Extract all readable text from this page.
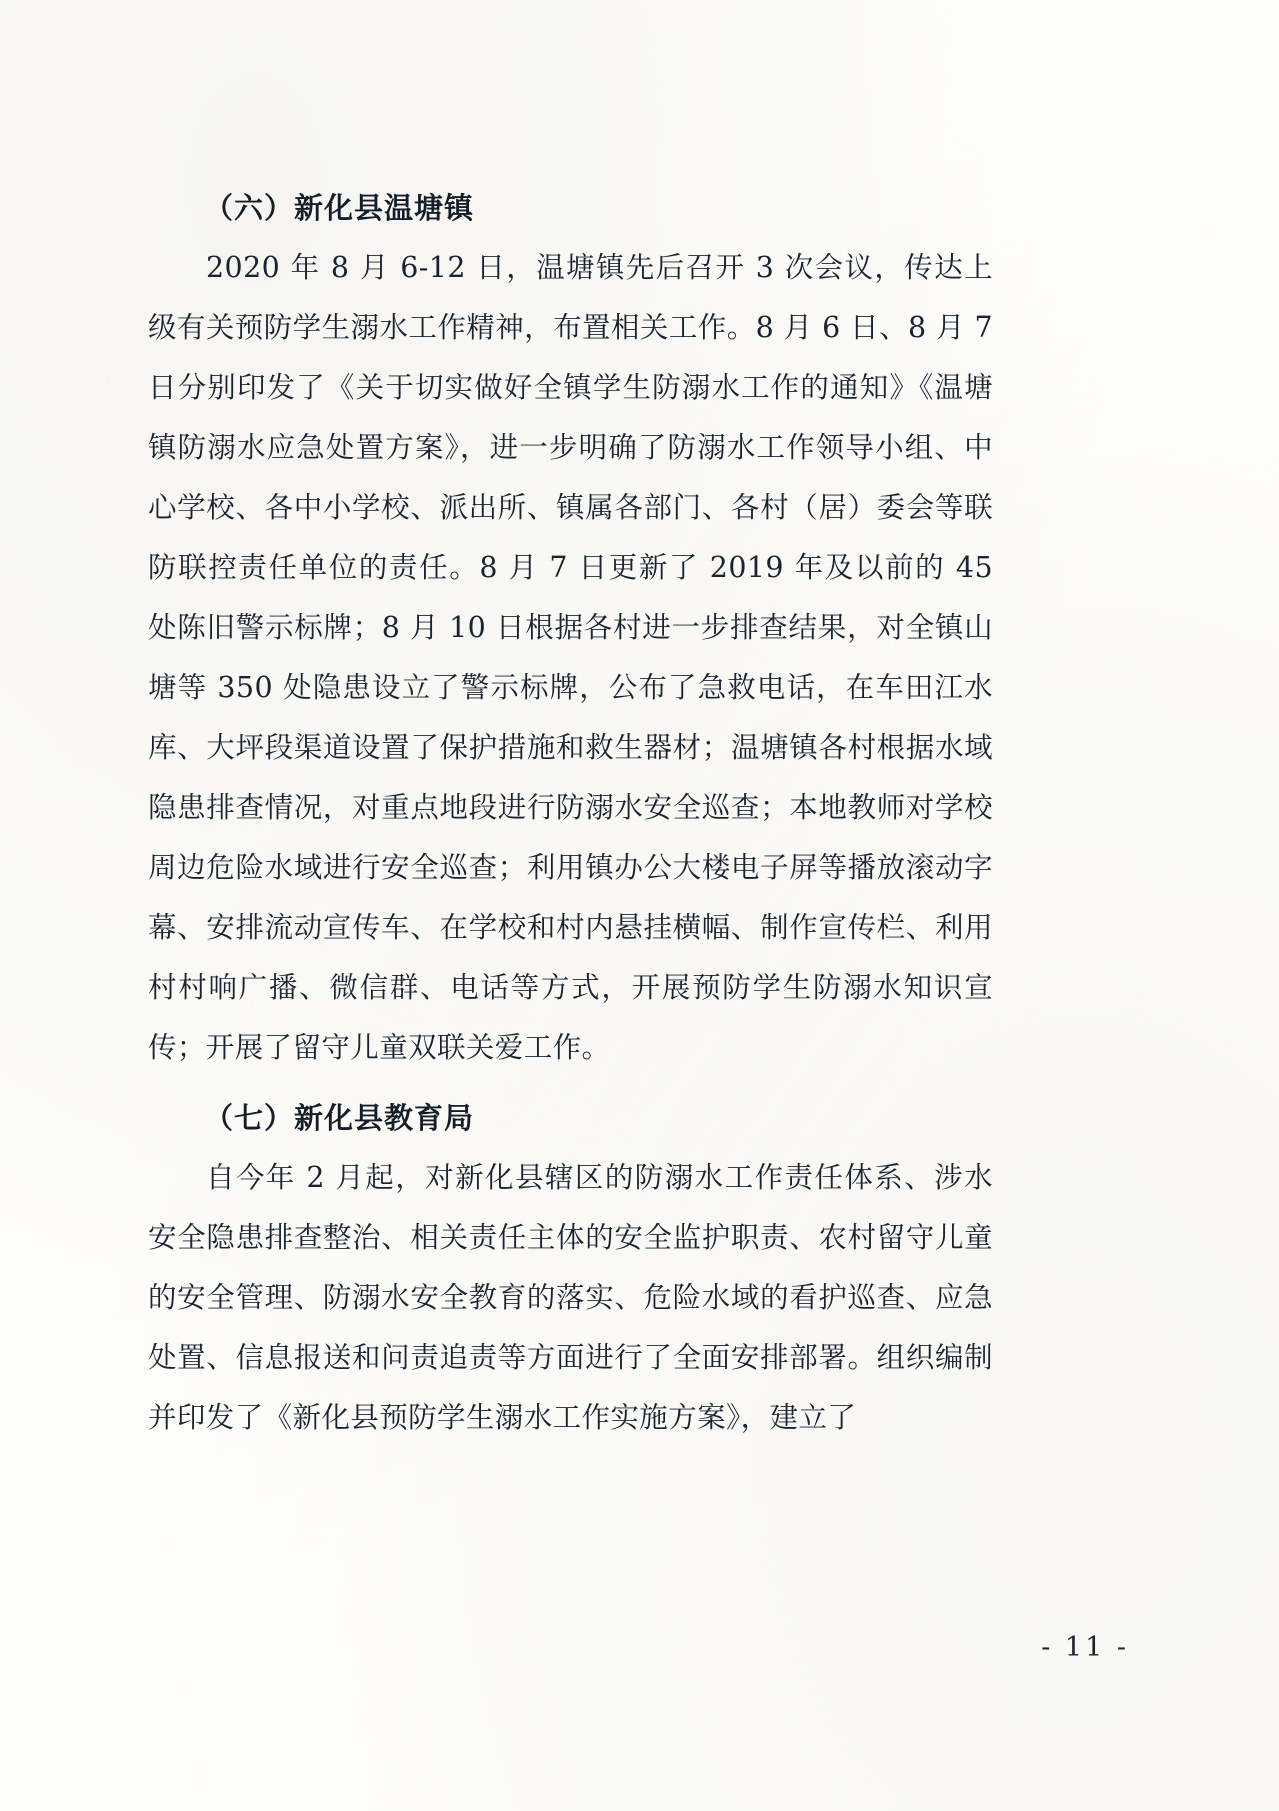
（六）新化县温塘镇

2020 年 8 月 6-12 日，温塘镇先后召开 3 次会议，传达上级有关预防学生溺水工作精神，布置相关工作。8 月 6 日、8 月 7 日分别印发了《关于切实做好全镇学生防溺水工作的通知》《温塘镇防溺水应急处置方案》，进一步明确了防溺水工作领导小组、中心学校、各中小学校、派出所、镇属各部门、各村（居）委会等联防联控责任单位的责任。8 月 7 日更新了 2019 年及以前的 45 处陈旧警示标牌；8 月 10 日根据各村进一步排查结果，对全镇山塘等 350 处隐患设立了警示标牌，公布了急救电话，在车田江水库、大坪段渠道设置了保护措施和救生器材；温塘镇各村根据水域隐患排查情况，对重点地段进行防溺水安全巡查；本地教师对学校周边危险水域进行安全巡查；利用镇办公大楼电子屏等播放滚动字幕、安排流动宣传车、在学校和村内悬挂横幅、制作宣传栏、利用村村响广播、微信群、电话等方式，开展预防学生防溺水知识宣传；开展了留守儿童双联关爱工作。

（七）新化县教育局

自今年 2 月起，对新化县辖区的防溺水工作责任体系、涉水安全隐患排查整治、相关责任主体的安全监护职责、农村留守儿童的安全管理、防溺水安全教育的落实、危险水域的看护巡查、应急处置、信息报送和问责追责等方面进行了全面安排部署。组织编制并印发了《新化县预防学生溺水工作实施方案》，建立了

- 11 -
